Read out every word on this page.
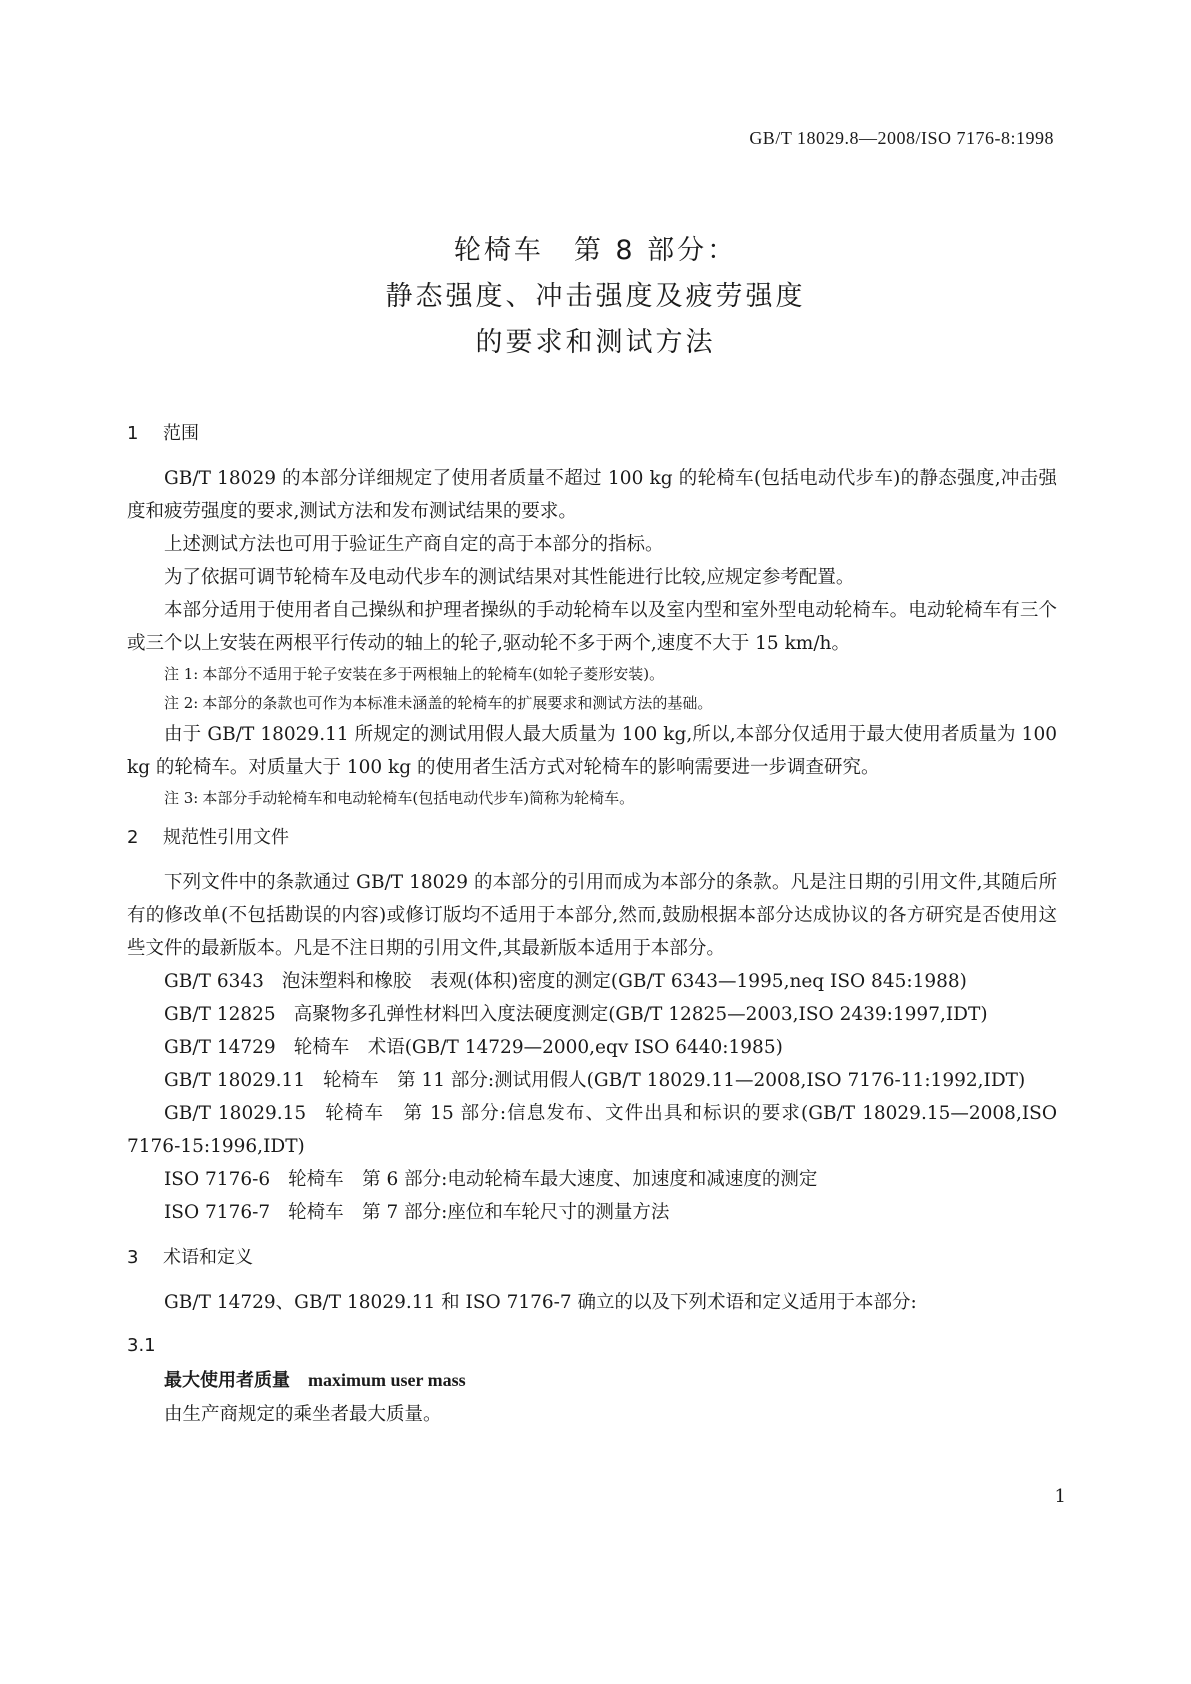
GB/T 18029.8—2008/ISO 7176-8:1998
轮椅车　第 8 部分：
静态强度、冲击强度及疲劳强度
的要求和测试方法
1 范围

GB/T 18029 的本部分详细规定了使用者质量不超过 100 kg 的轮椅车(包括电动代步车)的静态强度,冲击强度和疲劳强度的要求,测试方法和发布测试结果的要求。

上述测试方法也可用于验证生产商自定的高于本部分的指标。

为了依据可调节轮椅车及电动代步车的测试结果对其性能进行比较,应规定参考配置。

本部分适用于使用者自己操纵和护理者操纵的手动轮椅车以及室内型和室外型电动轮椅车。电动轮椅车有三个或三个以上安装在两根平行传动的轴上的轮子,驱动轮不多于两个,速度不大于 15 km/h。

注 1: 本部分不适用于轮子安装在多于两根轴上的轮椅车(如轮子菱形安装)。

注 2: 本部分的条款也可作为本标准未涵盖的轮椅车的扩展要求和测试方法的基础。

由于 GB/T 18029.11 所规定的测试用假人最大质量为 100 kg,所以,本部分仅适用于最大使用者质量为 100 kg 的轮椅车。对质量大于 100 kg 的使用者生活方式对轮椅车的影响需要进一步调查研究。

注 3: 本部分手动轮椅车和电动轮椅车(包括电动代步车)简称为轮椅车。

2 规范性引用文件

下列文件中的条款通过 GB/T 18029 的本部分的引用而成为本部分的条款。凡是注日期的引用文件,其随后所有的修改单(不包括勘误的内容)或修订版均不适用于本部分,然而,鼓励根据本部分达成协议的各方研究是否使用这些文件的最新版本。凡是不注日期的引用文件,其最新版本适用于本部分。

GB/T 6343 泡沫塑料和橡胶　表观(体积)密度的测定(GB/T 6343—1995,neq ISO 845:1988)

GB/T 12825 高聚物多孔弹性材料凹入度法硬度测定(GB/T 12825—2003,ISO 2439:1997,IDT)

GB/T 14729 轮椅车　术语(GB/T 14729—2000,eqv ISO 6440:1985)

GB/T 18029.11 轮椅车　第 11 部分:测试用假人(GB/T 18029.11—2008,ISO 7176-11:1992,IDT)

GB/T 18029.15 轮椅车　第 15 部分:信息发布、文件出具和标识的要求(GB/T 18029.15—2008,ISO 7176-15:1996,IDT)

ISO 7176-6 轮椅车　第 6 部分:电动轮椅车最大速度、加速度和减速度的测定

ISO 7176-7 轮椅车　第 7 部分:座位和车轮尺寸的测量方法

3 术语和定义

GB/T 14729、GB/T 18029.11 和 ISO 7176-7 确立的以及下列术语和定义适用于本部分:

3.1
最大使用者质量 maximum user mass
由生产商规定的乘坐者最大质量。
1
